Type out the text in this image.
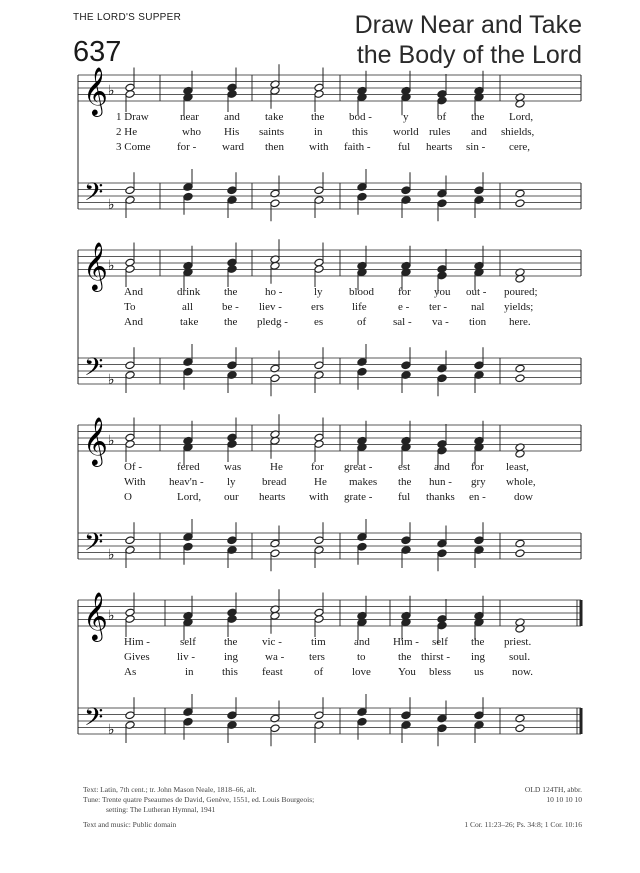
THE LORD'S SUPPER
637
Draw Near and Take
the Body of the Lord
𝄞
𝄢
♭
♭
𝄞
𝄢
♭
♭
𝄞
𝄢
♭
♭
𝄞
𝄢
♭
♭
1 Draw	near and take	the bod -	y	of the Lord,
2 He	who His saints	in	this world rules and shields,
3 Come for - ward then with faith - ful hearts sin - cere,
And	drink the	ho -	ly blood for you out - poured;
To	all	be - liev -	ers	life	e - ter - nal yields;
And	take the pledg - es	of sal - va - tion here.
Of -	fered was	He	for great - est and for least,
With heav'n - ly bread	He makes the hun - gry whole,
O	Lord, our hearts with grate - ful thanks en -	dow
Him -	self	the vic -	tim	and Him - self the priest.
Gives liv -	ing wa - ters	to	the thirst - ing soul.
As	in	this feast	of	love You bless us	now.
Text: Latin, 7th cent.; tr. John Mason Neale, 1818–66, alt.
Tune: Trente quatre Pseaumes de David, Genève, 1551, ed. Louis Bourgeois;
setting: The Lutheran Hymnal, 1941
Text and music: Public domain
OLD 124TH, abbr.
10 10 10 10
1 Cor. 11:23–26; Ps. 34:8; 1 Cor. 10:16
